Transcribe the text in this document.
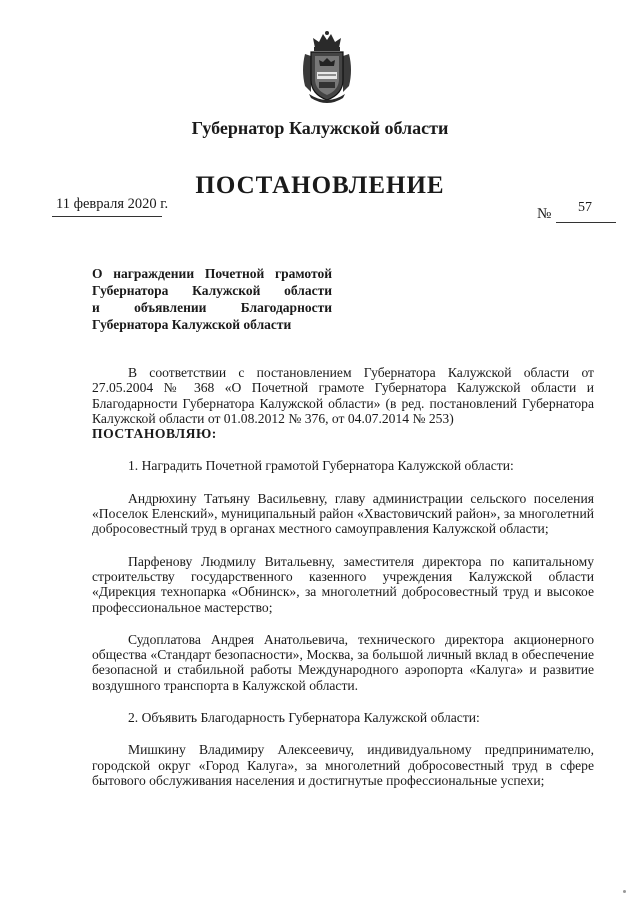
Губернатор Калужской области
ПОСТАНОВЛЕНИЕ
11 февраля 2020 г.
№ 57
О награждении Почетной грамотой
Губернатора Калужской области
и объявлении Благодарности
Губернатора Калужской области

В соответствии с постановлением Губернатора Калужской области от 27.05.2004 № 368 «О Почетной грамоте Губернатора Калужской области и Благодарности Губернатора Калужской области» (в ред. постановлений Губернатора Калужской области от 01.08.2012 № 376, от 04.07.2014 № 253)

ПОСТАНОВЛЯЮ:

1. Наградить Почетной грамотой Губернатора Калужской области:

Андрюхину Татьяну Васильевну, главу администрации сельского поселения «Поселок Еленский», муниципальный район «Хвастовичский район», за многолетний добросовестный труд в органах местного самоуправления Калужской области;

Парфенову Людмилу Витальевну, заместителя директора по капитальному строительству государственного казенного учреждения Калужской области «Дирекция технопарка «Обнинск», за многолетний добросовестный труд и высокое профессиональное мастерство;

Судоплатова Андрея Анатольевича, технического директора акционерного общества «Стандарт безопасности», Москва, за большой личный вклад в обеспечение безопасной и стабильной работы Международного аэропорта «Калуга» и развитие воздушного транспорта в Калужской области.

2. Объявить Благодарность Губернатора Калужской области:

Мишкину Владимиру Алексеевичу, индивидуальному предпринимателю, городской округ «Город Калуга», за многолетний добросовестный труд в сфере бытового обслуживания населения и достигнутые профессиональные успехи;
